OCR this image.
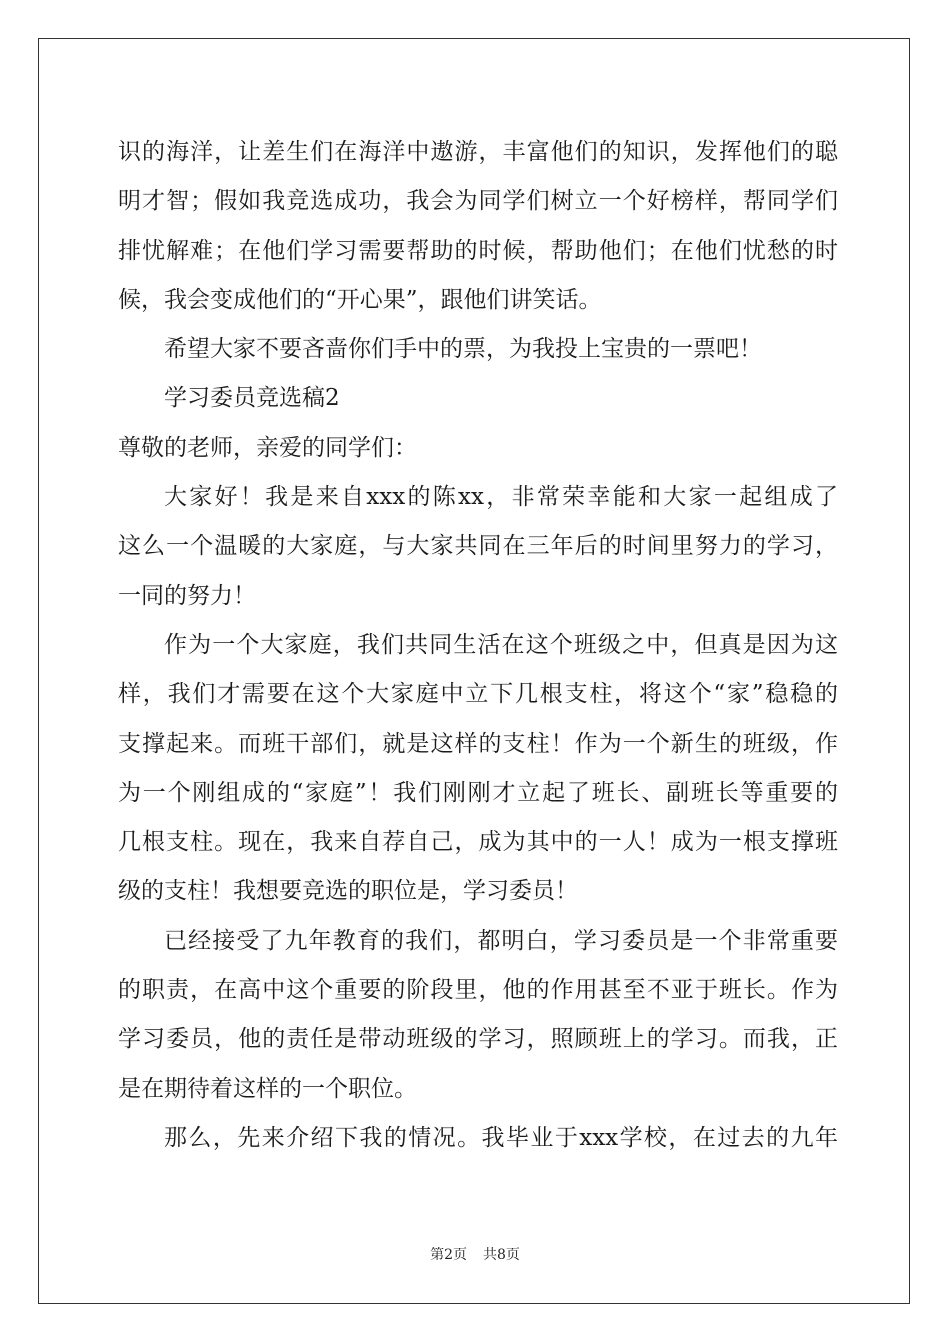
识的海洋，让差生们在海洋中遨游，丰富他们的知识，发挥他们的聪
明才智；假如我竞选成功，我会为同学们树立一个好榜样，帮同学们
排忧解难；在他们学习需要帮助的时候，帮助他们；在他们忧愁的时
候，我会变成他们的“开心果”，跟他们讲笑话。
希望大家不要吝啬你们手中的票，为我投上宝贵的一票吧！
学习委员竞选稿2
尊敬的老师，亲爱的同学们：
大家好！我是来自xxx的陈xx，非常荣幸能和大家一起组成了
这么一个温暖的大家庭，与大家共同在三年后的时间里努力的学习，
一同的努力！
作为一个大家庭，我们共同生活在这个班级之中，但真是因为这
样，我们才需要在这个大家庭中立下几根支柱，将这个“家”稳稳的
支撑起来。而班干部们，就是这样的支柱！作为一个新生的班级，作
为一个刚组成的“家庭”！我们刚刚才立起了班长、副班长等重要的
几根支柱。现在，我来自荐自己，成为其中的一人！成为一根支撑班
级的支柱！我想要竞选的职位是，学习委员！
已经接受了九年教育的我们，都明白，学习委员是一个非常重要
的职责，在高中这个重要的阶段里，他的作用甚至不亚于班长。作为
学习委员，他的责任是带动班级的学习，照顾班上的学习。而我，正
是在期待着这样的一个职位。
那么，先来介绍下我的情况。我毕业于xxx学校，在过去的九年
第2页 共8页
